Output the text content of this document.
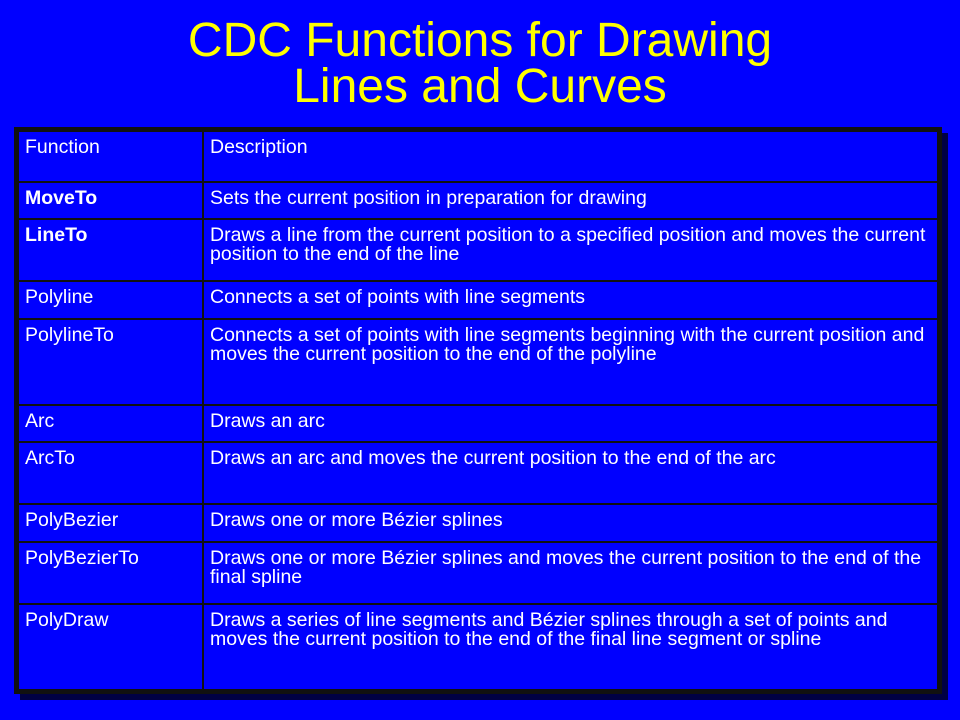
CDC Functions for Drawing
Lines and Curves
Function	Description
MoveTo	Sets the current position in preparation for drawing
LineTo	Draws a line from the current position to a specified position and moves the current position to the end of the line
Polyline	Connects a set of points with line segments
PolylineTo	Connects a set of points with line segments beginning with the current position and moves the current position to the end of the polyline
Arc	Draws an arc
ArcTo	Draws an arc and moves the current position to the end of the arc
PolyBezier	Draws one or more Bézier splines
PolyBezierTo	Draws one or more Bézier splines and moves the current position to the end of the final spline
PolyDraw	Draws a series of line segments and Bézier splines through a set of points and moves the current position to the end of the final line segment or spline
